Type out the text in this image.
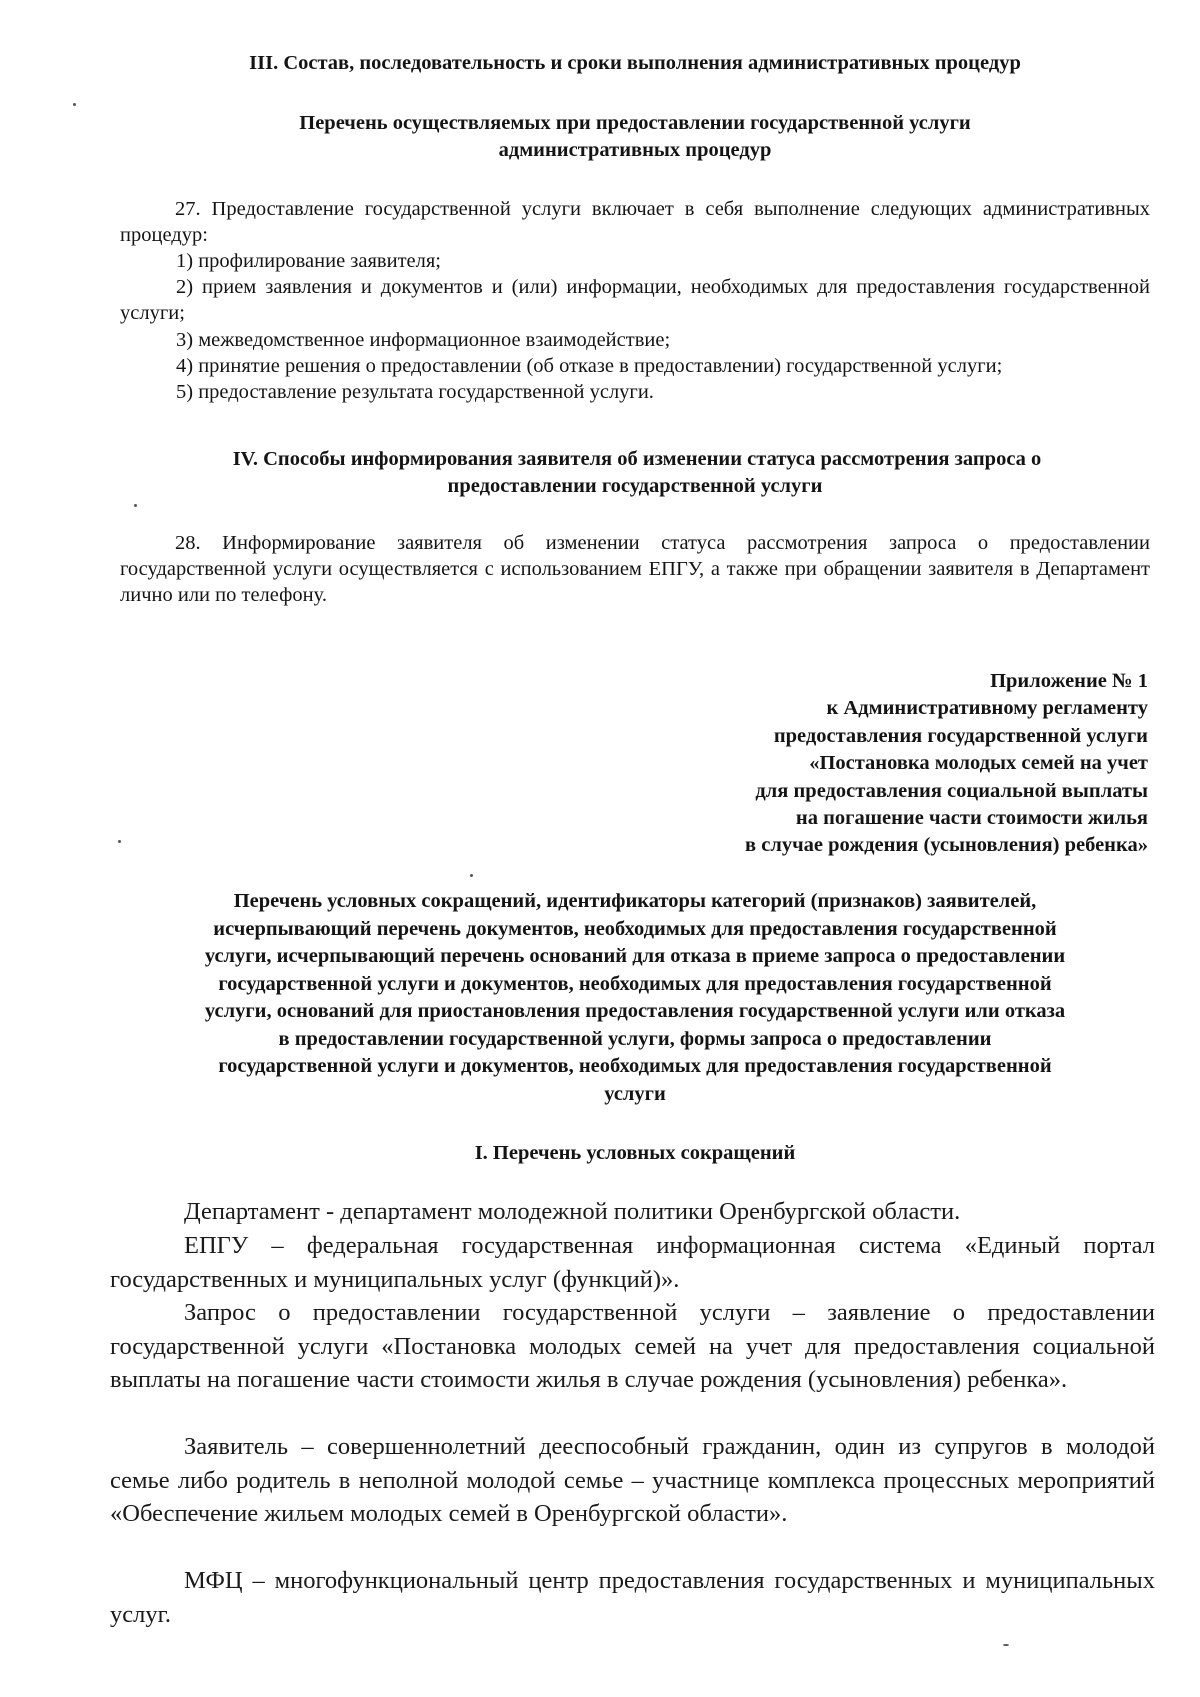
III. Состав, последовательность и сроки выполнения административных процедур
Перечень осуществляемых при предоставлении государственной услуги
административных процедур
27. Предоставление государственной услуги включает в себя выполнение следующих административных процедур:
1) профилирование заявителя;
2) прием заявления и документов и (или) информации, необходимых для предоставления государственной услуги;
3) межведомственное информационное взаимодействие;
4) принятие решения о предоставлении (об отказе в предоставлении) государственной услуги;
5) предоставление результата государственной услуги.
IV. Способы информирования заявителя об изменении статуса рассмотрения запроса о
предоставлении государственной услуги
28. Информирование заявителя об изменении статуса рассмотрения запроса о предоставлении государственной услуги осуществляется с использованием ЕПГУ, а также при обращении заявителя в Департамент лично или по телефону.
Приложение № 1
к Административному регламенту
предоставления государственной услуги
«Постановка молодых семей на учет
для предоставления социальной выплаты
на погашение части стоимости жилья
в случае рождения (усыновления) ребенка»
Перечень условных сокращений, идентификаторы категорий (признаков) заявителей,
исчерпывающий перечень документов, необходимых для предоставления государственной
услуги, исчерпывающий перечень оснований для отказа в приеме запроса о предоставлении
государственной услуги и документов, необходимых для предоставления государственной
услуги, оснований для приостановления предоставления государственной услуги или отказа
в предоставлении государственной услуги, формы запроса о предоставлении
государственной услуги и документов, необходимых для предоставления государственной
услуги
I. Перечень условных сокращений
Департамент - департамент молодежной политики Оренбургской области.
ЕПГУ – федеральная государственная информационная система «Единый портал государственных и муниципальных услуг (функций)».
Запрос о предоставлении государственной услуги – заявление о предоставлении государственной услуги «Постановка молодых семей на учет для предоставления социальной выплаты на погашение части стоимости жилья в случае рождения (усыновления) ребенка».
Заявитель – совершеннолетний дееспособный гражданин, один из супругов в молодой семье либо родитель в неполной молодой семье – участнице комплекса процессных мероприятий «Обеспечение жильем молодых семей в Оренбургской области».
МФЦ – многофункциональный центр предоставления государственных и муниципальных услуг.
